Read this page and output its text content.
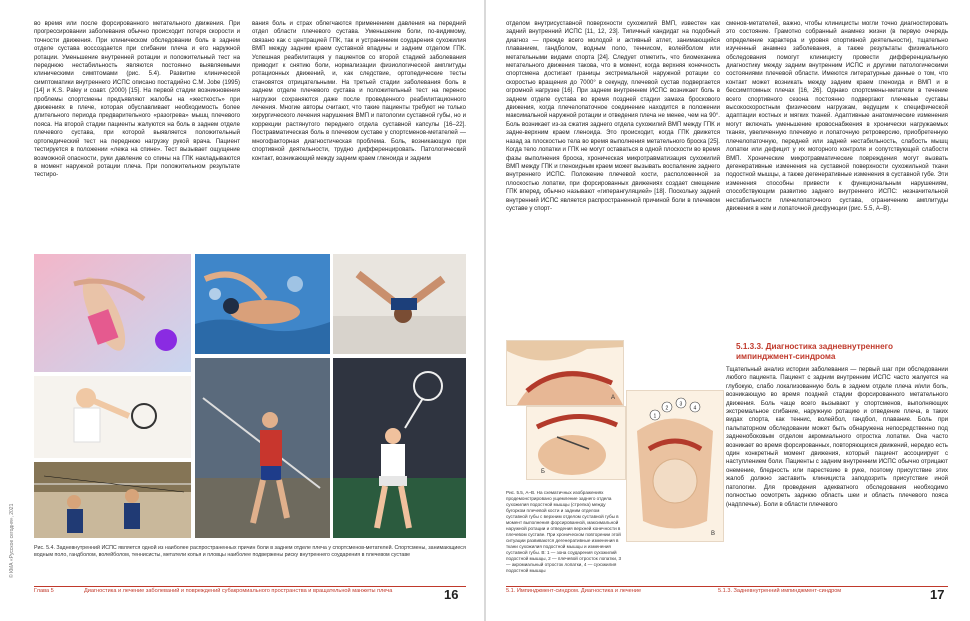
© КМА «Русское сегодня», 2021

во время или после форсированного метательного движения. При прогрессировании заболевания обычно происходит потеря скорости и точности движения. При клиническом обследовании боль в заднем отделе сустава воссоздается при сгибании плеча и его наружной ротации. Уменьшение внутренней ротации и положительный тест на переднюю нестабильность являются постоянно выявляемыми клиническими симптомами (рис. 5.4). Развитие клинической симптоматики внутреннего ИСПС описано постадийно C.M. Jobe (1995) [14] и K.S. Paley и соавт. (2000) [15]. На первой стадии возникновения проблемы спортсмены предъявляют жалобы на «жесткость» при движениях в плече, которая обуславливает необходимость более длительного периода предварительного «разогрева» мышц плечевого пояса. На второй стадии пациенты жалуются на боль в заднем отделе плечевого сустава, при которой выявляется положительный ортопедический тест на переднюю нагрузку рукой врача. Пациент тестируется в положении «лежа на спине». Тест вызывает ощущение возможной опасности, руки давление со спины на ГПК накладываются в момент наружной ротации плеча. При положительном результате тестиро-

вания боль и страх облегчаются применением давления на передний отдел области плечевого сустава. Уменьшение боли, по-видимому, связано как с центрацией ГПК, так и устранением соударения сухожилия ВМП между задним краем суставной впадины и задним отделом ГПК. Успешная реабилитация у пациентов со второй стадией заболевания приводит к снятию боли, нормализации физиологической амплитуды ротационных движений, и, как следствие, ортопедические тесты становятся отрицательными. На третьей стадии заболевания боль в заднем отделе плечевого сустава и положительный тест на перенос нагрузки сохраняются даже после проведенного реабилитационного лечения. Многие авторы считают, что такие пациенты требуют не только хирургического лечения нарушения ВМП и патологии суставной губы, но и коррекции растянутого переднего отдела суставной капсулы [16–22]. Постравматическая боль в плечевом суставе у спортсменов-метателей — многофакторная диагностическая проблема. Боль, возникающую при спортивной деятельности, трудно дифференцировать. Патологический контакт, возникающий между задним краем гленоида и задним

Рис. 5.4. Задневнутренний ИСПС является одной из наиболее распространенных причин боли в заднем отделе плеча у спортсменов-метателей. Спортсмены, занимающиеся водным поло, гандболом, волейболом, теннисисты, метатели копья и пловцы наиболее подвержены риску внутреннего соударения в плечевом суставе
Глава 5	Диагностика и лечение заболеваний и повреждений субакромиального пространства и вращательной манжеты плеча	16

отделом внутрисуставной поверхности сухожилий ВМП, известен как задний внутренний ИСПС [11, 12, 23]. Типичный кандидат на подобный диагноз — прежде всего молодой и активный атлет, занимающийся плаванием, гандболом, водным поло, теннисом, волейболом или метательными видами спорта [24]. Следует отметить, что биомеханика метательного движения такова, что в момент, когда верхняя конечность спортсмена достигает границы экстремальной наружной ротации со скоростью вращения до 7000° в секунду, плечевой сустав подвергается огромной нагрузке [16]. При заднем внутреннем ИСПС возникает боль в заднем отделе сустава во время поздней стадии замаха броскового движения, когда плечелопаточное соединение находится в положении максимальной наружной ротации и отведения плеча не менее, чем на 90°. Боль возникает из-за сжатия заднего отдела сухожилий ВМП между ГПК и задне-верхним краем гленоида. Это происходит, когда ГПК движется назад за плоскостью тела во время выполнения метательного броска [25]. Когда тело лопатки и ГПК не могут оставаться в одной плоскости во время фазы выполнения броска, хроническая микротравматизация сухожилий ВМП между ГПК и гленоидным краем может вызывать воспаление заднего внутреннего ИСПС. Положение плечевой кости, расположенной за плоскостью лопатки, при форсированных движениях создает смещение ГПК вперед, обычно называют «гиперангуляцией» [18]. Поскольку задний внутренний ИСПС является распространенной причиной боли в плечевом суставе у спорт-

сменов-метателей, важно, чтобы клиницисты могли точно диагностировать это состояние. Грамотно собранный анамнез жизни (в первую очередь определение характера и уровня спортивной деятельности), тщательно изученный анамнез заболевания, а также результаты физикального обследования помогут клиницисту провести дифференциальную диагностику между задним внутренним ИСПС и другими патологическими состояниями плечевой области. Имеются литературные данные о том, что контакт может возникать между задним краем гленоида и ВМП и в бессимптомных плечах [16, 26]. Однако спортсмены-метатели в течение всего спортивного сезона постоянно подвергают плечевые суставы высокоскоростным физическим нагрузкам, ведущим к специфической адаптации костных и мягких тканей. Адаптивные анатомические изменения могут включать уменьшение кровоснабжения в хронически нагружаемых тканях, увеличенную плечевую и лопаточную ретроверсию, приобретенную плечелопаточную, передней или задней нестабильность, слабость мышц лопатки или дефицит у их моторного контроля и сопутствующей слабости ВМП. Хронические микротравматические повреждения могут вызвать дегенеративные изменения на суставной поверхности сухожильной ткани подостной мышцы, а также дегенеративные изменения в суставной губе. Эти изменения способны привести к функциональным нарушениям, способствующим развитию заднего внутреннего ИСПС: незначительной нестабильности плечелопаточного сустава, ограничению амплитуды движения в нем и лопаточной дисфункции (рис. 5.5, А–В).

5.1.3.3. Диагностика задневнутреннего импинджмент-синдрома

Тщательный анализ истории заболевания — первый шаг при обследовании любого пациента. Пациент с задним внутренним ИСПС часто жалуется на глубокую, слабо локализованную боль в заднем отделе плеча и/или боль, возникающую во время поздней стадии форсированного метательного движения. Боль чаще всего вызывают у спортсменов, выполняющих экстремальное сгибание, наружную ротацию и отведение плеча, в таких видах спорта, как теннис, волейбол, гандбол, плавание. Боль при пальпаторном обследовании может быть обнаружена непосредственно под задненобоковым отделом акромиального отростка лопатки. Она часто возникает во время форсированных, повторяющихся движений, нередко есть один конкретный момент движения, который пациент ассоциирует с наступлением боли. Пациенты с задним внутренним ИСПС обычно отрицают онемение, бледность или парестезию в руке, поэтому присутствие этих жалоб должно заставить клинициста заподозрить присутствие иной патологии. Для проведения адекватного обследования необходимо полностью осмотреть заднюю область шеи и область плечевого пояса (надплечье). Боли в области плечевого

А
Б
1
2
3
4
В
Рис. 5.5, А–В. На схематичных изображениях продемонстрировано ущемление заднего отдела сухожилия подостной мышцы (стрелка) между бугорком плечевой кости и задним отделом суставной губы с верхним отделом суставной губы в момент выполнения форсированной, максимальной наружной ротации и отведения верхней конечности в плечевом суставе. При хроническом повторении этой ситуации развиваются дегенеративные изменения в ткани сухожилия подостной мышцы и изменения суставной губы. В: 1 — зона соударения сухожилий подостной мышцы, 2 — плечевой отросток лопатки, 3 — акромиальный отросток лопатки, 4 — сухожилия подостной мышцы
5.1. Импинджмент-синдром. Диагностика и лечение	5.1.3. Задневнутренний импинджмент-синдром	17
